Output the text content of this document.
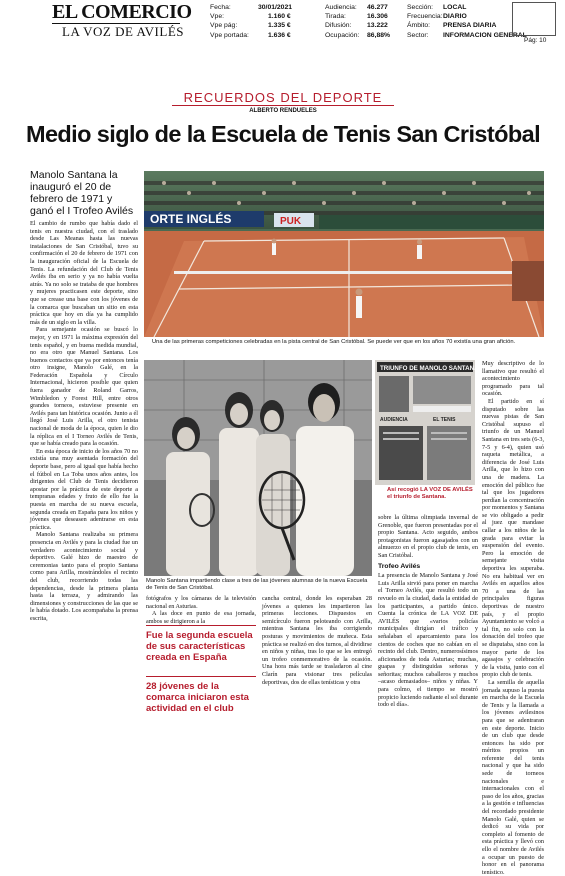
EL COMERCIO
LA VOZ DE AVILÉS
Fecha:	30/01/2021
Vpe:	1.160 €
Vpe pág:	1.335 €
Vpe portada:	1.636 €
Audiencia: 46.277
Tirada:	16.306
Difusión: 13.222
Ocupación: 86,88%
Sección: LOCAL
Frecuencia:DIARIO
Ámbito: PRENSA DIARIA
Sector: INFORMACION GENERAL
Pág: 10
RECUERDOS DEL DEPORTE
ALBERTO RENDUELES
Medio siglo de la Escuela de Tenis San Cristóbal
Manolo Santana la inauguró el 20 de febrero de 1971 y ganó el I Trofeo Avilés

El cambio de rumbo que había dado el tenis en nuestra ciudad, con el traslado desde Las Meanas hasta las nuevas instalaciones de San Cristóbal, tuvo su confirmación el 20 de febrero de 1971 con la inauguración oficial de la Escuela de Tenis. La refundación del Club de Tenis Avilés iba en serio y ya no había vuelta atrás. Ya no solo se trataba de que hombres y mujeres practicasen este deporte, sino que se crease una base con los jóvenes de la comarca que buscaban un sitio en esta práctica que hoy en día ya ha cumplido más de un siglo en la villa.

Para semejante ocasión se buscó lo mejor, y en 1971 la máxima expresión del tenis español, y en buena medida mundial, no era otro que Manuel Santana. Los buenos contactos que ya por entonces tenía otro insigne, Manolo Galé, en la Federación Española y Círculo Internacional, hicieron posible que quien fuera ganador de Roland Garros, Wimbledon y Forest Hill, entre otros grandes torneos, estuviese presente en Avilés para tan histórica ocasión. Junto a él llegó José Luis Arilla, el otro tenista nacional de moda de la época, quien le dio la réplica en el I Torneo Avilés de Tenis, que se había creado para la ocasión.

En esta época de inicio de los años 70 no existía una muy asentada formación del deporte base, pero al igual que había hecho el fútbol en La Toba unos años antes, los dirigentes del Club de Tenis decidieron apostar por la práctica de este deporte a tempranas edades y fruto de ello fue la puesta en marcha de su nueva escuela, segunda creada en España para los niños y jóvenes que deseasen adentrarse en esta práctica.

Manolo Santana realizaba su primera presencia en Avilés y para la ciudad fue un verdadero acontecimiento social y deportivo. Galé hizo de maestro de ceremonias tanto para el propio Santana como para Arilla, mostrándoles el recinto del club, recorriendo todas las dependencias, desde la primera planta hasta la terraza, y admirando las dimensiones y construcciones de las que se le había dotado. Los acompañaba la prensa escrita,

ORTE INGLÉS	PUK
Una de las primeras competiciones celebradas en la pista central de San Cristóbal. Se puede ver que en los años 70 existía una gran afición.
Manolo Santana impartiendo clase a tres de las jóvenes alumnas de la nueva Escuela de Tenis de San Cristóbal.
TRIUNFO DE MANOLO SANTANA
AUDIENCIA	EL TENIS
Así recogió LA VOZ DE AVILÉS el triunfo de Santana.

fotógrafos y los cámaras de la televisión nacional en Asturias.

A las doce en punto de esa jornada, ambos se dirigieron a la

Fue la segunda escuela de sus características creada en España
28 jóvenes de la comarca iniciaron esta actividad en el club

cancha central, donde les esperaban 28 jóvenes a quienes les impartieron las primeras lecciones. Dispuestos en semicírculo fueron peloteando con Arilla, mientras Santana les iba corrigiendo posturas y movimientos de muñeca. Esta práctica se realizó en dos turnos, al dividirse en niños y niñas, tras lo que se les entregó un trofeo conmemorativo de la ocasión. Una hora más tarde se trasladaron al cine Clarín para visionar tres películas deportivas, dos de ellas tenísticas y otra

sobre la última olimpiada invernal de Grenoble, que fueron presentadas por el propio Santana. Acto seguido, ambos protagonistas fueron agasajados con un almuerzo en el propio club de tenis, en San Cristóbal.

Trofeo Avilés

La presencia de Manolo Santana y José Luis Arilla sirvió para poner en marcha el Torneo Avilés, que resultó todo un revuelo en la ciudad, dada la entidad de los participantes, a partido único. Cuenta la crónica de LA VOZ DE AVILÉS que «varios policías municipales dirigían el tráfico y señalaban el aparcamiento para los cientos de coches que no cabían en el recinto del club. Dentro, numerosísimos aficionados de toda Asturias; muchas, guapas y distinguidas señoras y señoritas; muchos caballeros y muchos –acaso demasiados– niños y niñas. Y para colmo, el tiempo se mostró propicio luciendo radiante el sol durante todo el día».

Muy descriptivo de lo llamativo que resultó el acontecimiento programado para tal ocasión.

El partido en sí disputado sobre las nuevas pistas de San Cristóbal supuso el triunfo de un Manuel Santana en tres sets (6-3, 7-5 y 6-4), quien usó raqueta metálica, a diferencia de José Luis Arilla, que lo hizo con una de madera. La emoción del público fue tal que los jugadores perdían la concentración por momentos y Santana se vio obligado a pedir al juez que mandase callar a los niños de la grada para evitar la suspensión del evento. Pero la emoción de semejante visita deportiva les superaba. No era habitual ver en Avilés en aquellos años 70 a una de las principales figuras deportivas de nuestro país, y el propio Ayuntamiento se volcó a tal fin, no solo con la donación del trofeo que se disputaba, sino con la mayor parte de los agasajos y celebración de la visita, junto con el propio club de tenis.

La semilla de aquella jornada supuso la puesta en marcha de la Escuela de Tenis y la llamada a los jóvenes avilesinos para que se adentraran en este deporte. Inicio de un club que desde entonces ha sido por méritos propios un referente del tenis nacional y que ha sido sede de torneos nacionales e internacionales con el paso de los años, gracias a la gestión e influencias del recordado presidente Manolo Galé, quien se dedicó su vida por completo al fomento de esta práctica y llevó con ello el nombre de Avilés a ocupar un puesto de honor en el panorama tenístico.
